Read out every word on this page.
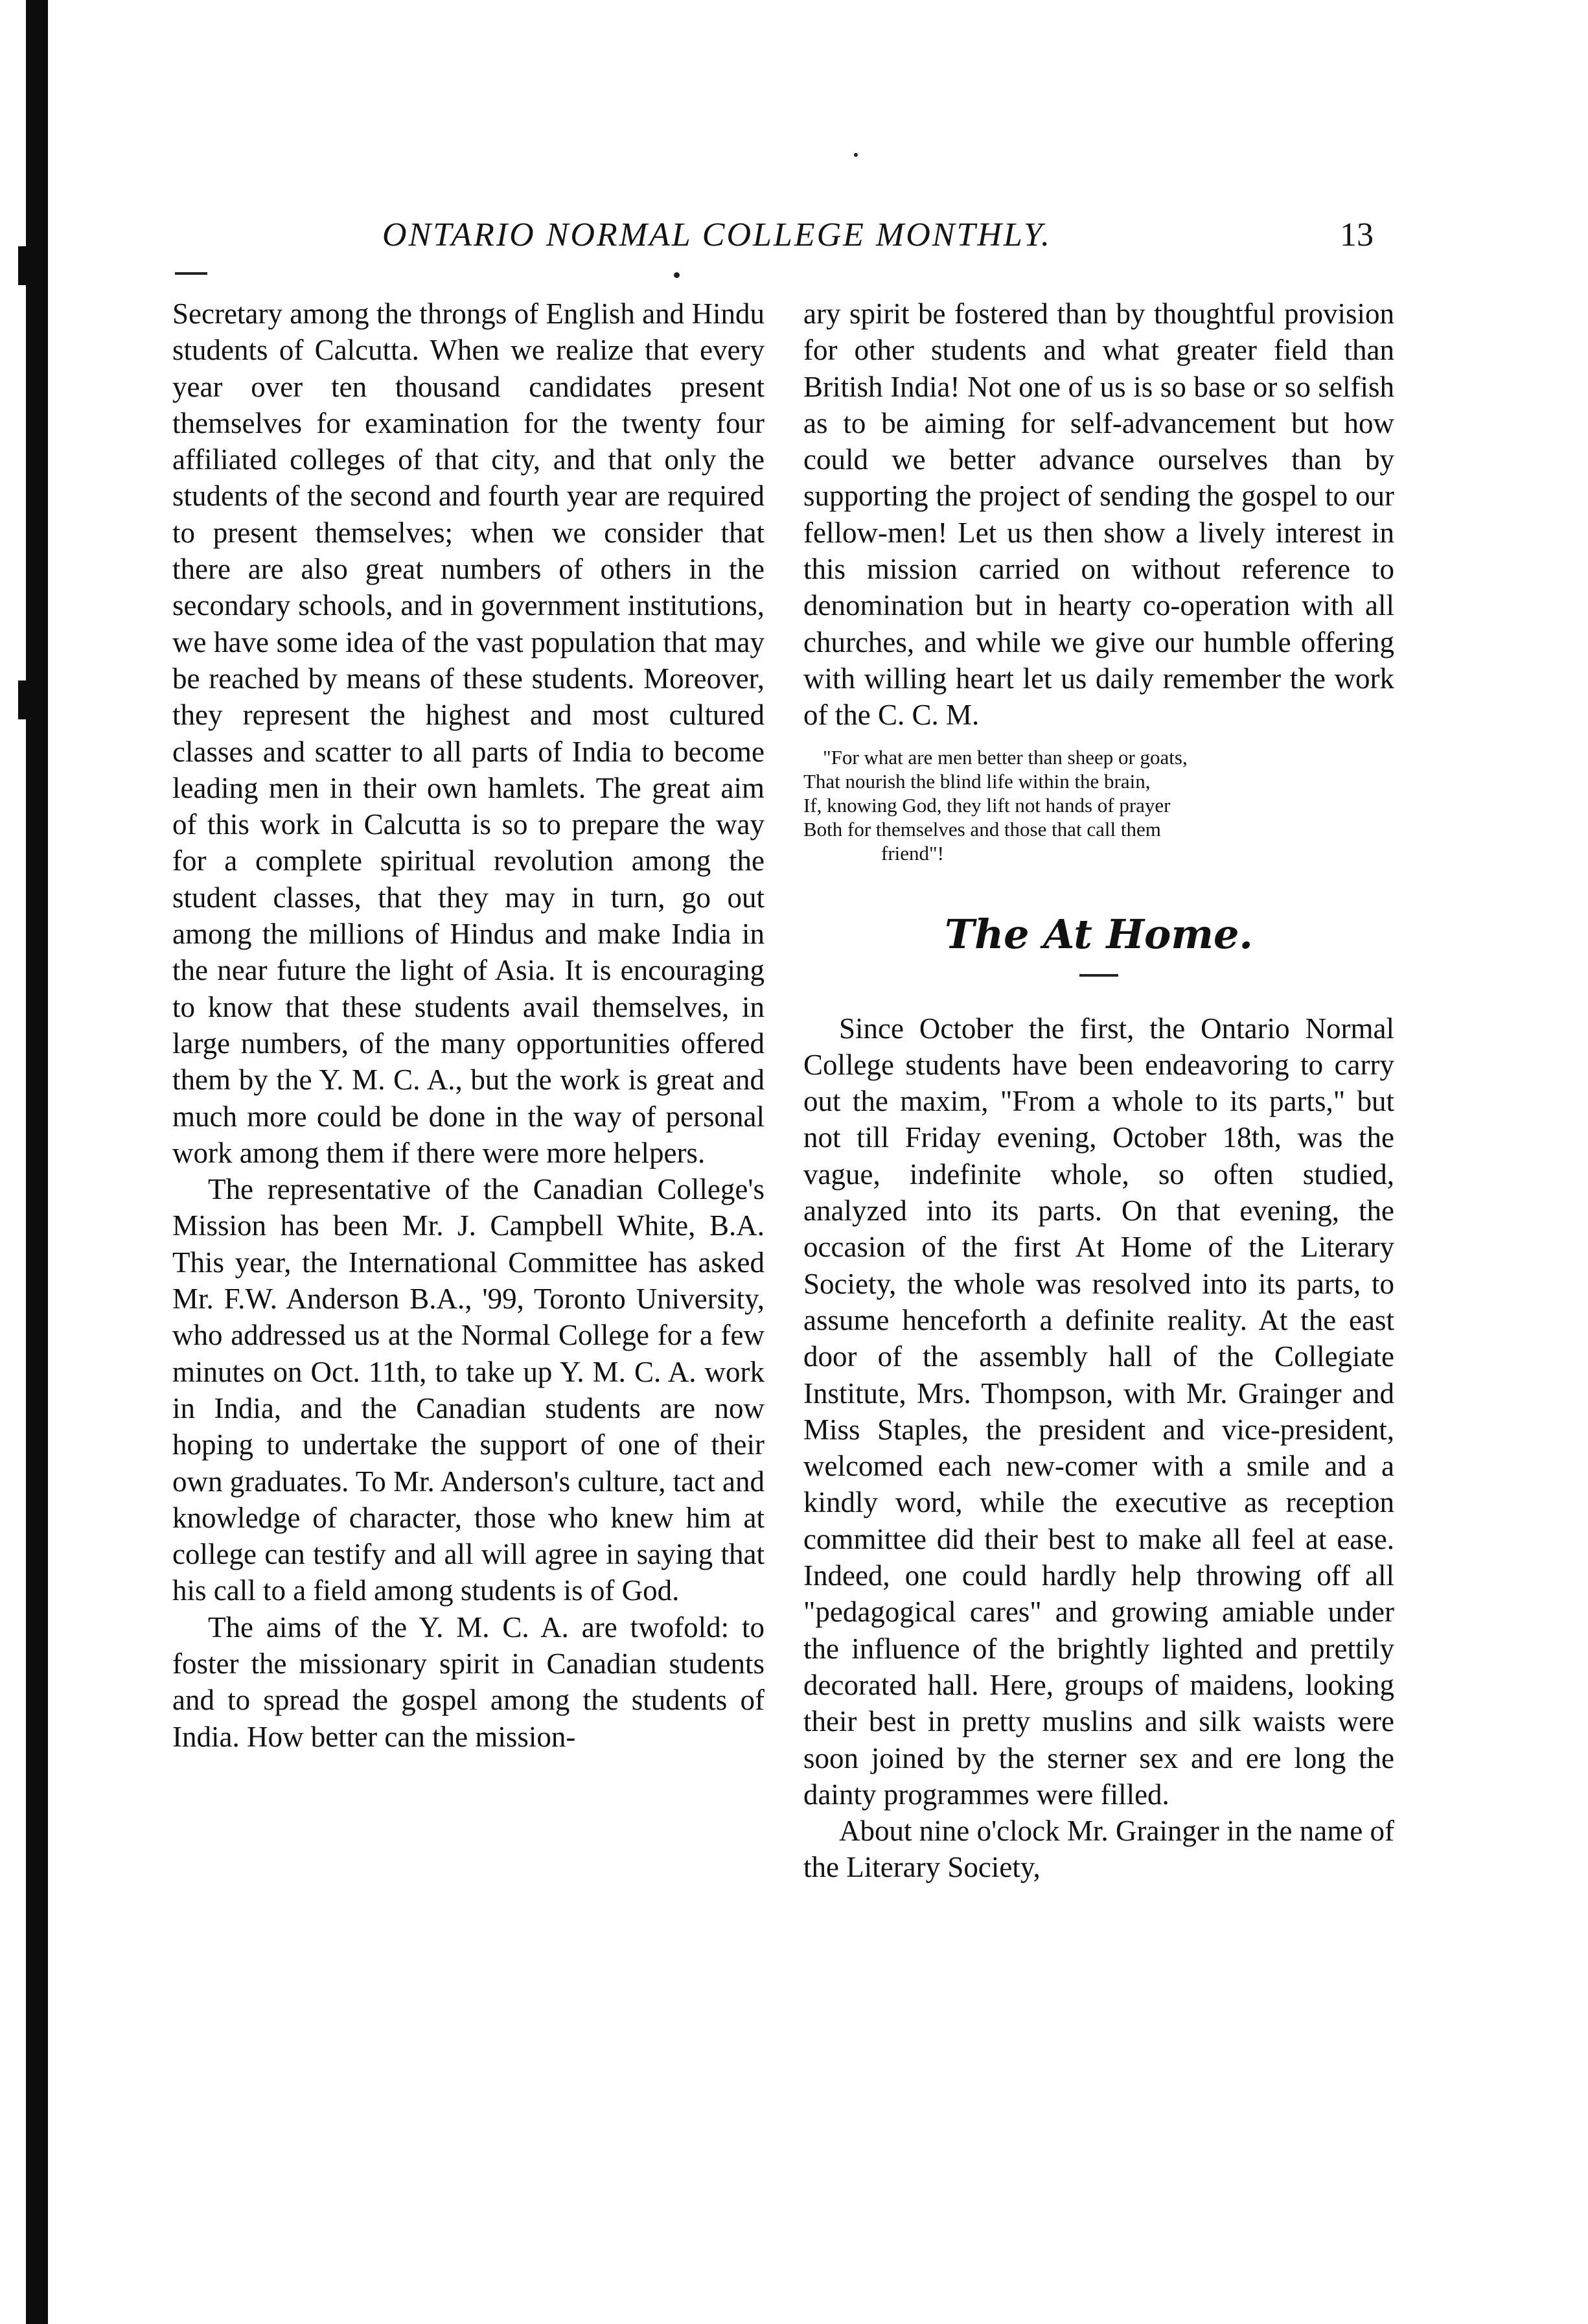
ONTARIO NORMAL COLLEGE MONTHLY.	13

Secretary among the throngs of English and Hindu students of Calcutta. When we realize that every year over ten thousand candidates present themselves for examination for the twenty four affiliated colleges of that city, and that only the students of the second and fourth year are required to present themselves; when we consider that there are also great numbers of others in the secondary schools, and in government institutions, we have some idea of the vast population that may be reached by means of these students. Moreover, they represent the highest and most cultured classes and scatter to all parts of India to become leading men in their own hamlets. The great aim of this work in Calcutta is so to prepare the way for a complete spiritual revolution among the student classes, that they may in turn, go out among the millions of Hindus and make India in the near future the light of Asia. It is encouraging to know that these students avail themselves, in large numbers, of the many opportunities offered them by the Y. M. C. A., but the work is great and much more could be done in the way of personal work among them if there were more helpers.

The representative of the Canadian College's Mission has been Mr. J. Campbell White, B.A. This year, the International Committee has asked Mr. F.W. Anderson B.A., '99, Toronto University, who addressed us at the Normal College for a few minutes on Oct. 11th, to take up Y. M. C. A. work in India, and the Canadian students are now hoping to undertake the support of one of their own graduates. To Mr. Anderson's culture, tact and knowledge of character, those who knew him at college can testify and all will agree in saying that his call to a field among students is of God.

The aims of the Y. M. C. A. are twofold: to foster the missionary spirit in Canadian students and to spread the gospel among the students of India. How better can the mission-

ary spirit be fostered than by thoughtful provision for other students and what greater field than British India! Not one of us is so base or so selfish as to be aiming for self-advancement but how could we better advance ourselves than by supporting the project of sending the gospel to our fellow-men! Let us then show a lively interest in this mission carried on without reference to denomination but in hearty co-operation with all churches, and while we give our humble offering with willing heart let us daily remember the work of the C. C. M.

"For what are men better than sheep or goats,
That nourish the blind life within the brain,
If, knowing God, they lift not hands of prayer
Both for themselves and those that call them
friend"!
The At Home.

Since October the first, the Ontario Normal College students have been endeavoring to carry out the maxim, "From a whole to its parts," but not till Friday evening, October 18th, was the vague, indefinite whole, so often studied, analyzed into its parts. On that evening, the occasion of the first At Home of the Literary Society, the whole was resolved into its parts, to assume henceforth a definite reality. At the east door of the assembly hall of the Collegiate Institute, Mrs. Thompson, with Mr. Grainger and Miss Staples, the president and vice-president, welcomed each new-comer with a smile and a kindly word, while the executive as reception committee did their best to make all feel at ease. Indeed, one could hardly help throwing off all "pedagogical cares" and growing amiable under the influence of the brightly lighted and prettily decorated hall. Here, groups of maidens, looking their best in pretty muslins and silk waists were soon joined by the sterner sex and ere long the dainty programmes were filled.

About nine o'clock Mr. Grainger in the name of the Literary Society,
